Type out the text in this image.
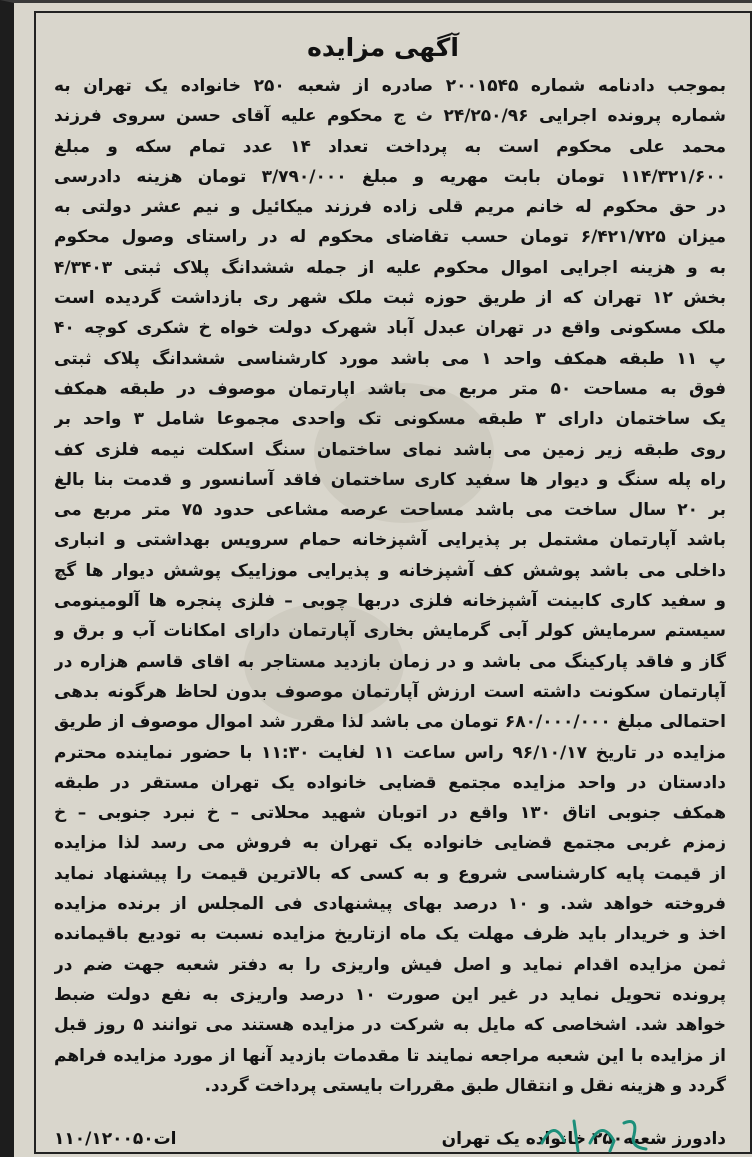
آگهی مزایده
بموجب دادنامه شماره ۲۰۰۱۵۴۵ صادره از شعبه ۲۵۰ خانواده یک تهران به
شماره پرونده اجرایی ۲۴/۲۵۰/۹۶ ث ج محکوم علیه آقای حسن سروی فرزند
محمد علی محکوم است به پرداخت تعداد ۱۴ عدد تمام سکه و مبلغ
۱۱۴/۳۲۱/۶۰۰ تومان بابت مهریه و مبلغ ۳/۷۹۰/۰۰۰ تومان هزینه دادرسی
در حق محکوم له خانم مریم قلی زاده فرزند میکائیل و نیم عشر دولتی به
میزان ۶/۴۲۱/۷۲۵ تومان حسب تقاضای محکوم له در راستای وصول محکوم
به و هزینه اجرایی اموال محکوم علیه از جمله ششدانگ پلاک ثبتی ۴/۳۴۰۳
بخش ۱۲ تهران که از طریق حوزه ثبت ملک شهر ری بازداشت گردیده است
ملک مسکونی واقع در تهران عبدل آباد شهرک دولت خواه خ شکری کوچه ۴۰
پ ۱۱ طبقه همکف واحد ۱ می باشد مورد کارشناسی ششدانگ پلاک ثبتی
فوق به مساحت ۵۰ متر مربع می باشد اپارتمان موصوف در طبقه همکف
یک ساختمان دارای ۳ طبقه مسکونی تک واحدی مجموعا شامل ۳ واحد بر
روی طبقه زیر زمین می باشد نمای ساختمان سنگ اسکلت نیمه فلزی کف
راه پله سنگ و دیوار ها سفید کاری ساختمان فاقد آسانسور و قدمت بنا بالغ
بر ۲۰ سال ساخت می باشد مساحت عرصه مشاعی حدود ۷۵ متر مربع می
باشد آپارتمان مشتمل بر پذیرایی آشپزخانه حمام سرویس بهداشتی و انباری
داخلی می باشد پوشش کف آشپزخانه و پذیرایی موزاییک پوشش دیوار ها گچ
و سفید کاری کابینت آشپزخانه فلزی دربها چوبی – فلزی پنجره ها آلومینومی
سیستم سرمایش کولر آبی گرمایش بخاری آپارتمان دارای امکانات آب و برق و
گاز و فاقد پارکینگ می باشد و در زمان بازدید مستاجر به اقای قاسم هزاره در
آپارتمان سکونت داشته است ارزش آپارتمان موصوف بدون لحاظ هرگونه بدهی
احتمالی مبلغ ۶۸۰/۰۰۰/۰۰۰ تومان می باشد لذا مقرر شد اموال موصوف از طریق
مزایده در تاریخ ۹۶/۱۰/۱۷ راس ساعت ۱۱ لغایت ۱۱:۳۰ با حضور نماینده محترم
دادستان در واحد مزایده مجتمع قضایی خانواده یک تهران مستقر در طبقه
همکف جنوبی اتاق ۱۳۰ واقع در اتوبان شهید محلاتی – خ نبرد جنوبی – خ
زمزم غربی مجتمع قضایی خانواده یک تهران به فروش می رسد لذا مزایده
از قیمت پایه کارشناسی شروع و به کسی که بالاترین قیمت را پیشنهاد نماید
فروخته خواهد شد. و ۱۰ درصد بهای پیشنهادی فی المجلس از برنده مزایده
اخذ و خریدار باید ظرف مهلت یک ماه ازتاریخ مزایده نسبت به تودیع باقیمانده
ثمن مزایده اقدام نماید و اصل فیش واریزی را به دفتر شعبه جهت ضم در
پرونده تحویل نماید در غیر این صورت ۱۰ درصد واریزی به نفع دولت ضبط
خواهد شد. اشخاصی که مایل به شرکت در مزایده هستند می توانند ۵ روز قبل
از مزایده با این شعبه مراجعه نمایند تا مقدمات بازدید آنها از مورد مزایده فراهم
گردد و هزینه نقل و انتقال طبق مقررات بایستی پرداخت گردد.
دادورز شعبه۲۵۰ خانواده یک تهران
۱۱۰/۱۲۰۰۵۰ات
